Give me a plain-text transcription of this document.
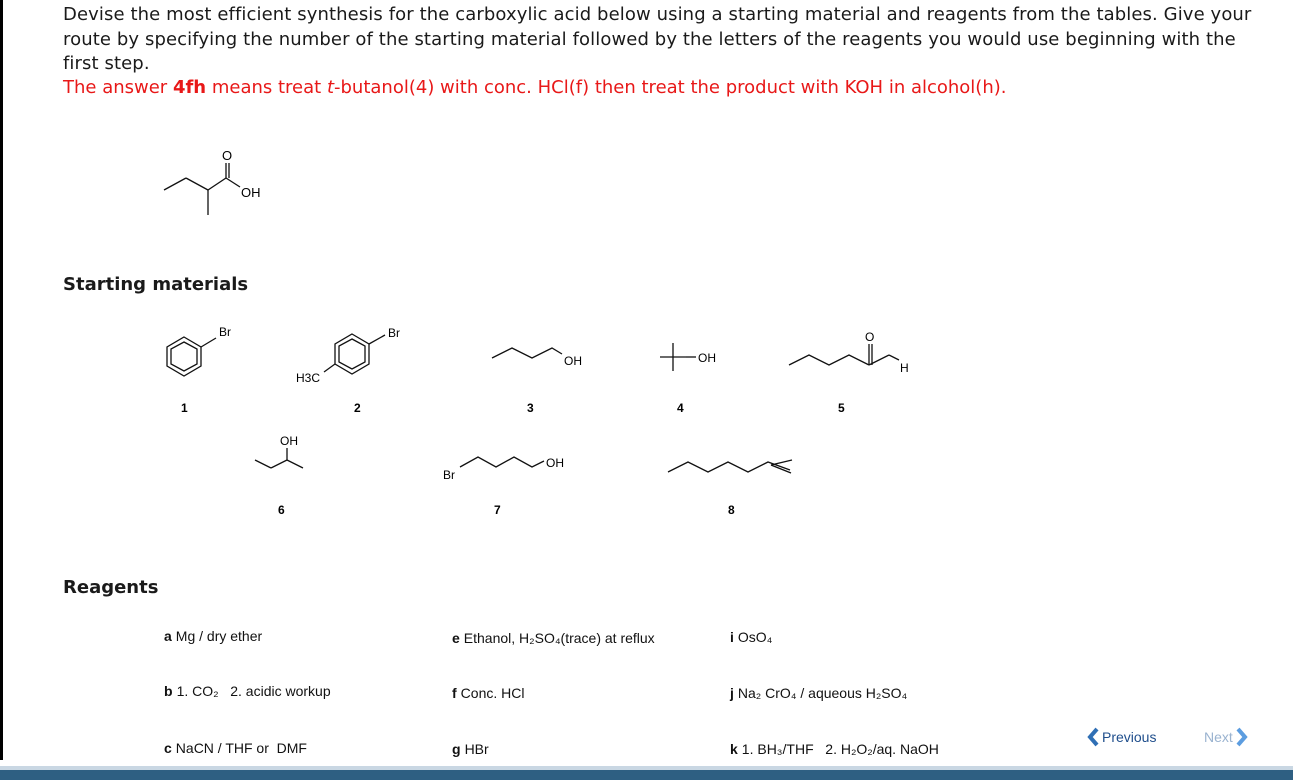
Devise the most efficient synthesis for the carboxylic acid below using a starting material and reagents from the tables. Give your route by specifying the number of the starting material followed by the letters of the reagents you would use beginning with the first step.
The answer 4fh means treat t-butanol(4) with conc. HCl(f) then treat the product with KOH in alcohol(h).
O
OH
Starting materials
Br
1
Br
H3C
2
OH
3
OH
4
O
H
5
OH
6
Br
OH
7	8
Reagents
a Mg / dry ether
b 1. CO₂   2. acidic workup
c NaCN / THF or  DMF
e Ethanol, H₂SO₄(trace) at reflux
f Conc. HCl
g HBr
i OsO₄
j Na₂ CrO₄ / aqueous H₂SO₄
k 1. BH₃/THF   2. H₂O₂/aq. NaOH
Previous	Next
